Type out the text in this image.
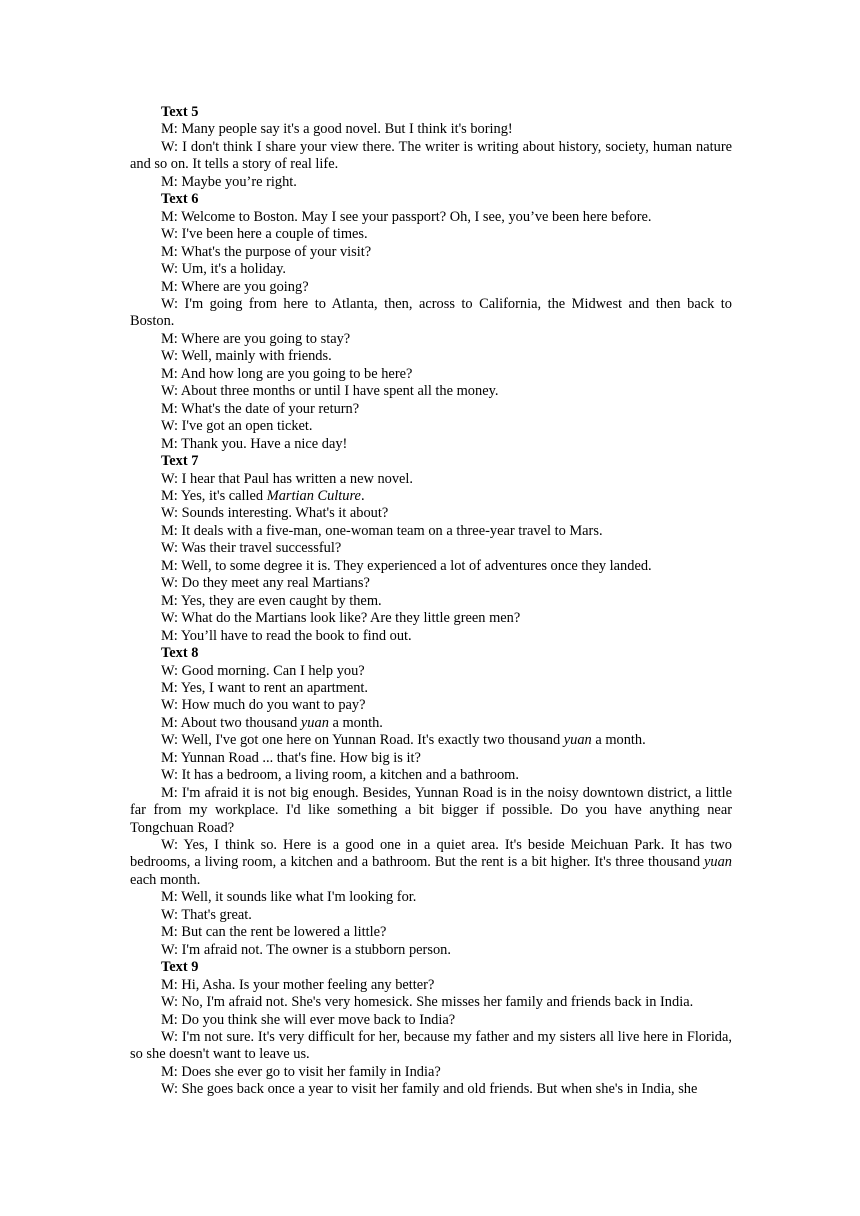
Text 5

M: Many people say it's a good novel. But I think it's boring!

W: I don't think I share your view there. The writer is writing about history, society, human nature and so on. It tells a story of real life.

M: Maybe you’re right.

Text 6

M: Welcome to Boston. May I see your passport? Oh, I see, you’ve been here before.

W: I've been here a couple of times.

M: What's the purpose of your visit?

W: Um, it's a holiday.

M: Where are you going?

W: I'm going from here to Atlanta, then, across to California, the Midwest and then back to Boston.

M: Where are you going to stay?

W: Well, mainly with friends.

M: And how long are you going to be here?

W: About three months or until I have spent all the money.

M: What's the date of your return?

W: I've got an open ticket.

M: Thank you. Have a nice day!

Text 7

W: I hear that Paul has written a new novel.

M: Yes, it's called Martian Culture.

W: Sounds interesting. What's it about?

M: It deals with a five-man, one-woman team on a three-year travel to Mars.

W: Was their travel successful?

M: Well, to some degree it is. They experienced a lot of adventures once they landed.

W: Do they meet any real Martians?

M: Yes, they are even caught by them.

W: What do the Martians look like? Are they little green men?

M: You’ll have to read the book to find out.

Text 8

W: Good morning. Can I help you?

M: Yes, I want to rent an apartment.

W: How much do you want to pay?

M: About two thousand yuan a month.

W: Well, I've got one here on Yunnan Road. It's exactly two thousand yuan a month.

M: Yunnan Road ... that's fine. How big is it?

W: It has a bedroom, a living room, a kitchen and a bathroom.

M: I'm afraid it is not big enough. Besides, Yunnan Road is in the noisy downtown district, a little far from my workplace. I'd like something a bit bigger if possible. Do you have anything near Tongchuan Road?

W: Yes, I think so. Here is a good one in a quiet area. It's beside Meichuan Park. It has two bedrooms, a living room, a kitchen and a bathroom. But the rent is a bit higher. It's three thousand yuan each month.

M: Well, it sounds like what I'm looking for.

W: That's great.

M: But can the rent be lowered a little?

W: I'm afraid not. The owner is a stubborn person.

Text 9

M: Hi, Asha. Is your mother feeling any better?

W: No, I'm afraid not. She's very homesick. She misses her family and friends back in India.

M: Do you think she will ever move back to India?

W: I'm not sure. It's very difficult for her, because my father and my sisters all live here in Florida, so she doesn't want to leave us.

M: Does she ever go to visit her family in India?

W: She goes back once a year to visit her family and old friends. But when she's in India, she
